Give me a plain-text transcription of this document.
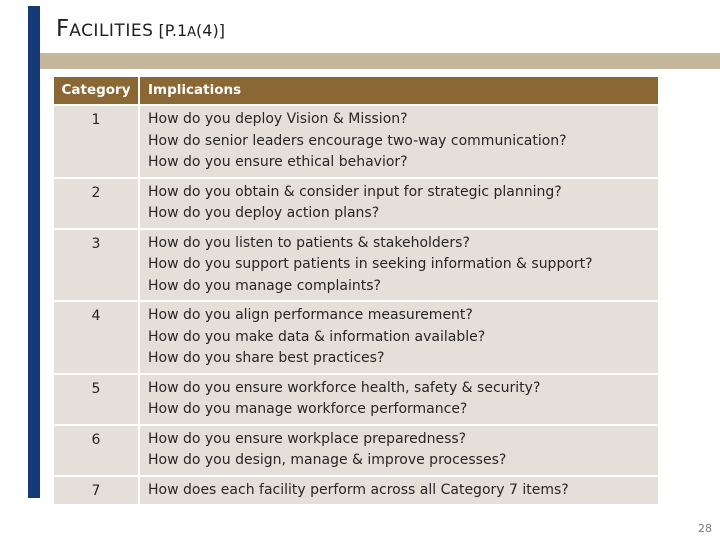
FACILITIES [P.1A(4)]
Category	Implications
1	How do you deploy Vision & Mission?
How do senior leaders encourage two-way communication?
How do you ensure ethical behavior?
2	How do you obtain & consider input for strategic planning?
How do you deploy action plans?
3	How do you listen to patients & stakeholders?
How do you support patients in seeking information & support?
How do you manage complaints?
4	How do you align performance measurement?
How do you make data & information available?
How do you share best practices?
5	How do you ensure workforce health, safety & security?
How do you manage workforce performance?
6	How do you ensure workplace preparedness?
How do you design, manage & improve processes?
7	How does each facility perform across all Category 7 items?
28
